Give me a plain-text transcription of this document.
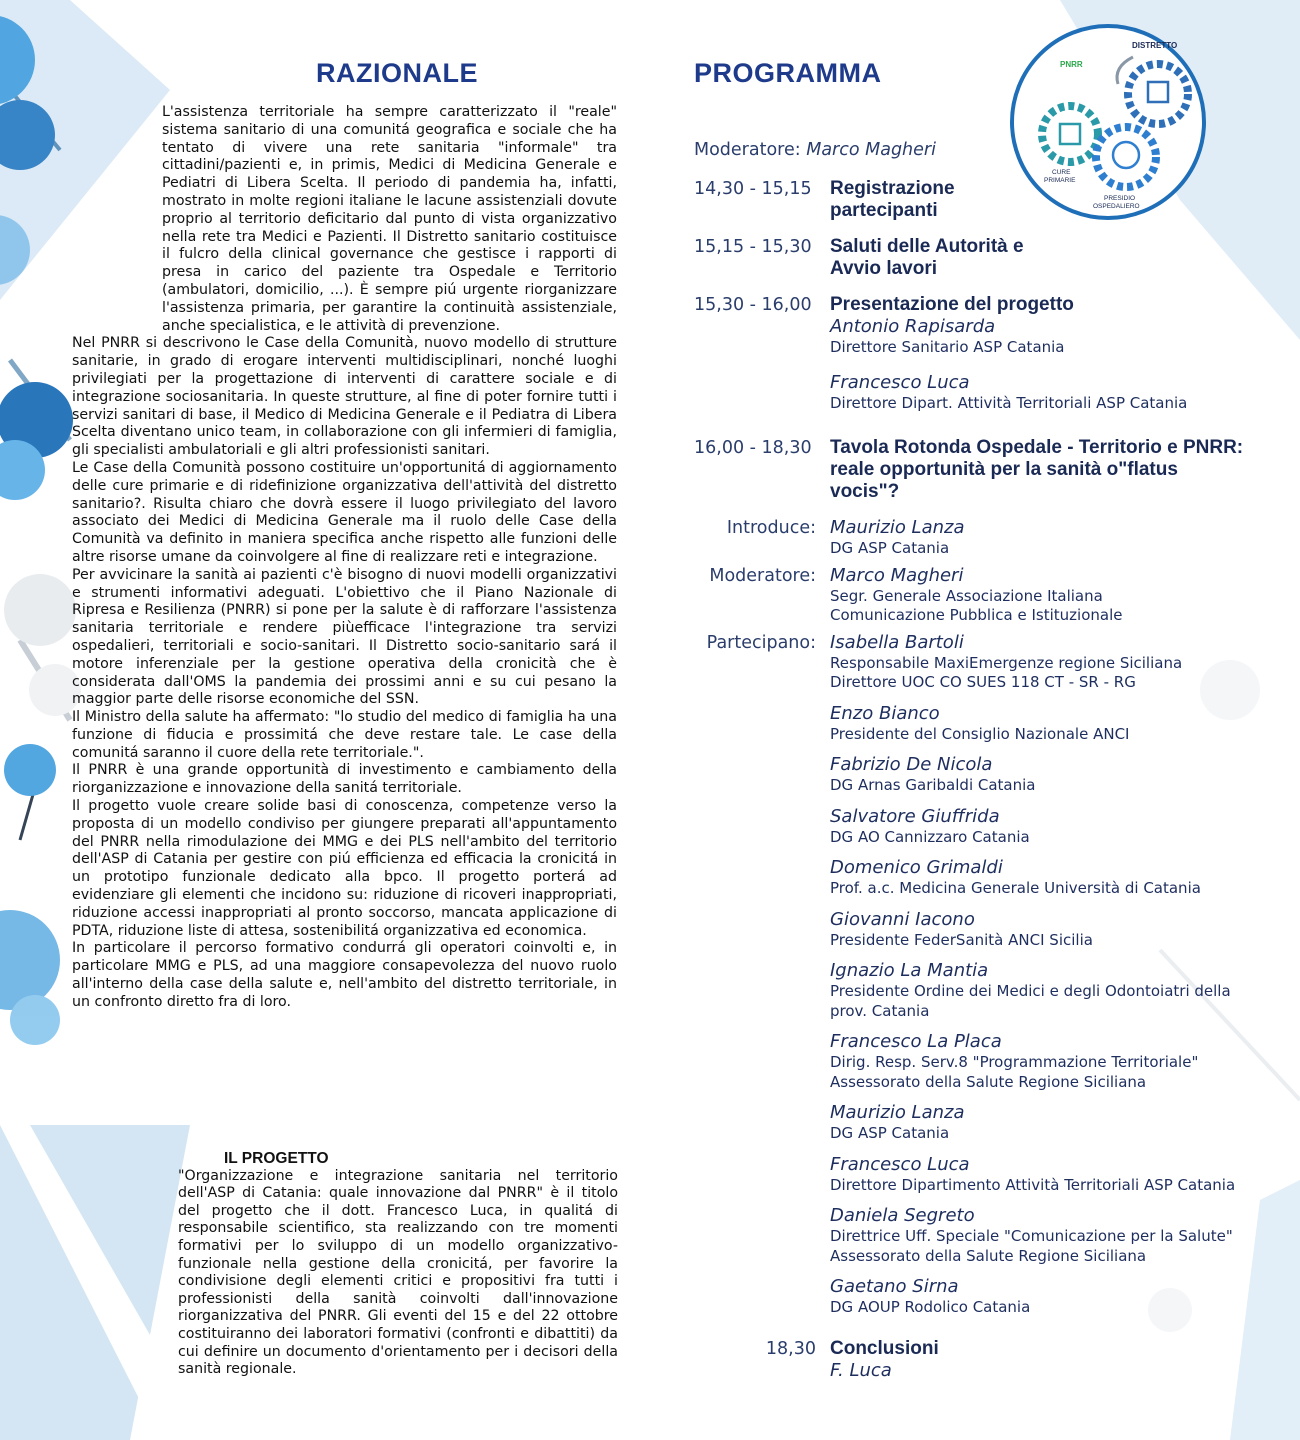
DISTRETTO
PNRR
CURE
PRIMARIE
PRESIDIO
OSPEDALIERO
RAZIONALE

L'assistenza territoriale ha sempre caratterizzato il "reale" sistema sanitario di una comunitá geografica e sociale che ha tentato di vivere una rete sanitaria "informale" tra cittadini/pazienti e, in primis, Medici di Medicina Generale e Pediatri di Libera Scelta. Il periodo di pandemia ha, infatti, mostrato in molte regioni italiane le lacune assistenziali dovute proprio al territorio deficitario dal punto di vista organizzativo nella rete tra Medici e Pazienti. Il Distretto sanitario costituisce il fulcro della clinical governance che gestisce i rapporti di presa in carico del paziente tra Ospedale e Territorio (ambulatori, domicilio, ...). È sempre piú urgente riorganizzare l'assistenza primaria, per garantire la continuità assistenziale, anche specialistica, e le attività di prevenzione.

Nel PNRR si descrivono le Case della Comunità, nuovo modello di strutture sanitarie, in grado di erogare interventi multidisciplinari, nonché luoghi privilegiati per la progettazione di interventi di carattere sociale e di integrazione sociosanitaria. In queste strutture, al fine di poter fornire tutti i servizi sanitari di base, il Medico di Medicina Generale e il Pediatra di Libera Scelta diventano unico team, in collaborazione con gli infermieri di famiglia, gli specialisti ambulatoriali e gli altri professionisti sanitari.

Le Case della Comunità possono costituire un'opportunitá di aggiornamento delle cure primarie e di ridefinizione organizzativa dell'attività del distretto sanitario?. Risulta chiaro che dovrà essere il luogo privilegiato del lavoro associato dei Medici di Medicina Generale ma il ruolo delle Case della Comunità va definito in maniera specifica anche rispetto alle funzioni delle altre risorse umane da coinvolgere al fine di realizzare reti e integrazione.

Per avvicinare la sanità ai pazienti c'è bisogno di nuovi modelli organizzativi e strumenti informativi adeguati. L'obiettivo che il Piano Nazionale di Ripresa e Resilienza (PNRR) si pone per la salute è di rafforzare l'assistenza sanitaria territoriale e rendere piùefficace l'integrazione tra servizi ospedalieri, territoriali e socio-sanitari. Il Distretto socio-sanitario sará il motore inferenziale per la gestione operativa della cronicità che è considerata dall'OMS la pandemia dei prossimi anni e su cui pesano la maggior parte delle risorse economiche del SSN.

Il Ministro della salute ha affermato: "lo studio del medico di famiglia ha una funzione di fiducia e prossimitá che deve restare tale. Le case della comunitá saranno il cuore della rete territoriale.".

Il PNRR è una grande opportunità di investimento e cambiamento della riorganizzazione e innovazione della sanitá territoriale.

Il progetto vuole creare solide basi di conoscenza, competenze verso la proposta di un modello condiviso per giungere preparati all'appuntamento del PNRR nella rimodulazione dei MMG e dei PLS nell'ambito del territorio dell'ASP di Catania per gestire con piú efficienza ed efficacia la cronicitá in un prototipo funzionale dedicato alla bpco. Il progetto porterá ad evidenziare gli elementi che incidono su: riduzione di ricoveri inappropriati, riduzione accessi inappropriati al pronto soccorso, mancata applicazione di PDTA, riduzione liste di attesa, sostenibilitá organizzativa ed economica.

In particolare il percorso formativo condurrá gli operatori coinvolti e, in particolare MMG e PLS, ad una maggiore consapevolezza del nuovo ruolo all'interno della case della salute e, nell'ambito del distretto territoriale, in un confronto diretto fra di loro.

IL PROGETTO
"Organizzazione e integrazione sanitaria nel territorio dell'ASP di Catania: quale innovazione dal PNRR" è il titolo del progetto che il dott. Francesco Luca, in qualitá di responsabile scientifico, sta realizzando con tre momenti formativi per lo sviluppo di un modello organizzativo-funzionale nella gestione della cronicitá, per favorire la condivisione degli elementi critici e propositivi fra tutti i professionisti della sanità coinvolti dall'innovazione riorganizzativa del PNRR. Gli eventi del 15 e del 22 ottobre costituiranno dei laboratori formativi (confronti e dibattiti) da cui definire un documento d'orientamento per i decisori della sanità regionale.
PROGRAMMA
Moderatore: Marco Magheri
14,30 - 15,15 Registrazione partecipanti
15,15 - 15,30 Saluti delle Autorità e Avvio lavori
15,30 - 16,00 Presentazione del progetto
Antonio Rapisarda
Direttore Sanitario ASP Catania
Francesco Luca
Direttore Dipart. Attività Territoriali ASP Catania
16,00 - 18,30 Tavola Rotonda Ospedale - Territorio e PNRR: reale opportunità per la sanità o"flatus vocis"?
Introduce: Maurizio Lanza
DG ASP Catania
Moderatore: Marco Magheri
Segr. Generale Associazione Italiana Comunicazione Pubblica e Istituzionale
Partecipano: Isabella Bartoli
Responsabile MaxiEmergenze regione Siciliana Direttore UOC CO SUES 118 CT - SR - RG
Enzo Bianco
Presidente del Consiglio Nazionale ANCI
Fabrizio De Nicola
DG Arnas Garibaldi Catania
Salvatore Giuffrida
DG AO Cannizzaro Catania
Domenico Grimaldi
Prof. a.c. Medicina Generale Università di Catania
Giovanni Iacono
Presidente FederSanità ANCI Sicilia
Ignazio La Mantia
Presidente Ordine dei Medici e degli Odontoiatri della prov. Catania
Francesco La Placa
Dirig. Resp. Serv.8 "Programmazione Territoriale" Assessorato della Salute Regione Siciliana
Maurizio Lanza
DG ASP Catania
Francesco Luca
Direttore Dipartimento Attività Territoriali ASP Catania
Daniela Segreto
Direttrice Uff. Speciale "Comunicazione per la Salute" Assessorato della Salute Regione Siciliana
Gaetano Sirna
DG AOUP Rodolico Catania
18,30 Conclusioni
F. Luca
